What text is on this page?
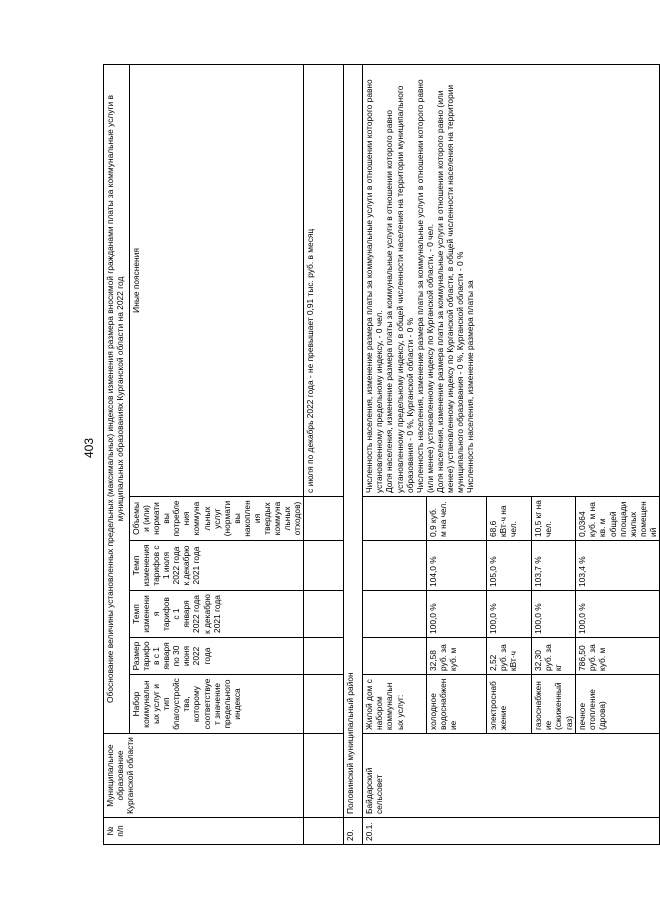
403
№
п/п	Муниципальное образование Курганской области	Обоснование величины установленных предельных (максимальных) индексов изменения размера вносимой гражданами платы за коммунальные услуги в муниципальных образованиях Курганской области на 2022 год					
		Набор коммунальных услуг и тип благоустройства, которому соответствует значение предельного индекса	Размер тарифов с 1 января по 30 июня 2022 года	Темп изменения тарифов с 1 января 2022 года к декабрю 2021 года	Темп изменения тарифов с 1 июля 2022 года к декабрю 2021 года	Объемы и (или) нормативы потребления коммунальных услуг (нормативы накопления твердых коммунальных отходов)	Иные пояснения
							с июля по декабрь 2022 года - не превышает 0,91 тыс. руб. в месяц
20.	Половинский муниципальный район						
20.1.	Байдарский сельсовет	Жилой дом с набором коммунальных услуг:					Численность населения, изменение размера платы за коммунальные услуги в отношении которого равно установленному предельному индексу, - 0 чел.
Доля населения, изменение размера платы за коммунальные услуги в отношении которого равно установленному предельному индексу, в общей численности населения на территории муниципального образования - 0 %, Курганской области - 0 %
Численность населения, изменение размера платы за коммунальные услуги в отношении которого равно (или менее) установленному индексу по Курганской области, - 0 чел.
Доля населения, изменение размера платы за коммунальные услуги в отношении которого равно (или менее) установленному индексу по Курганской области, в общей численности населения на территории муниципального образования - 0 %, Курганской области - 0 %
Численность населения, изменение размера платы за
		холодное водоснабжение	32,58 руб. за куб. м	100,0 %	104,0 %	0,9 куб. м на чел.	
		электроснабжение	2,52 руб. за кВт·ч	100,0 %	105,0 %	68,6 кВт·ч на чел.	
		газоснабжение (сжиженный газ)	32,30 руб. за кг	100,0 %	103,7 %	10,5 кг на чел.	
		печное отопление (дрова)	786,50 руб. за куб. м	100,0 %	103,4 %	0,0364 куб. м на кв. м общей площади жилых помещений	
